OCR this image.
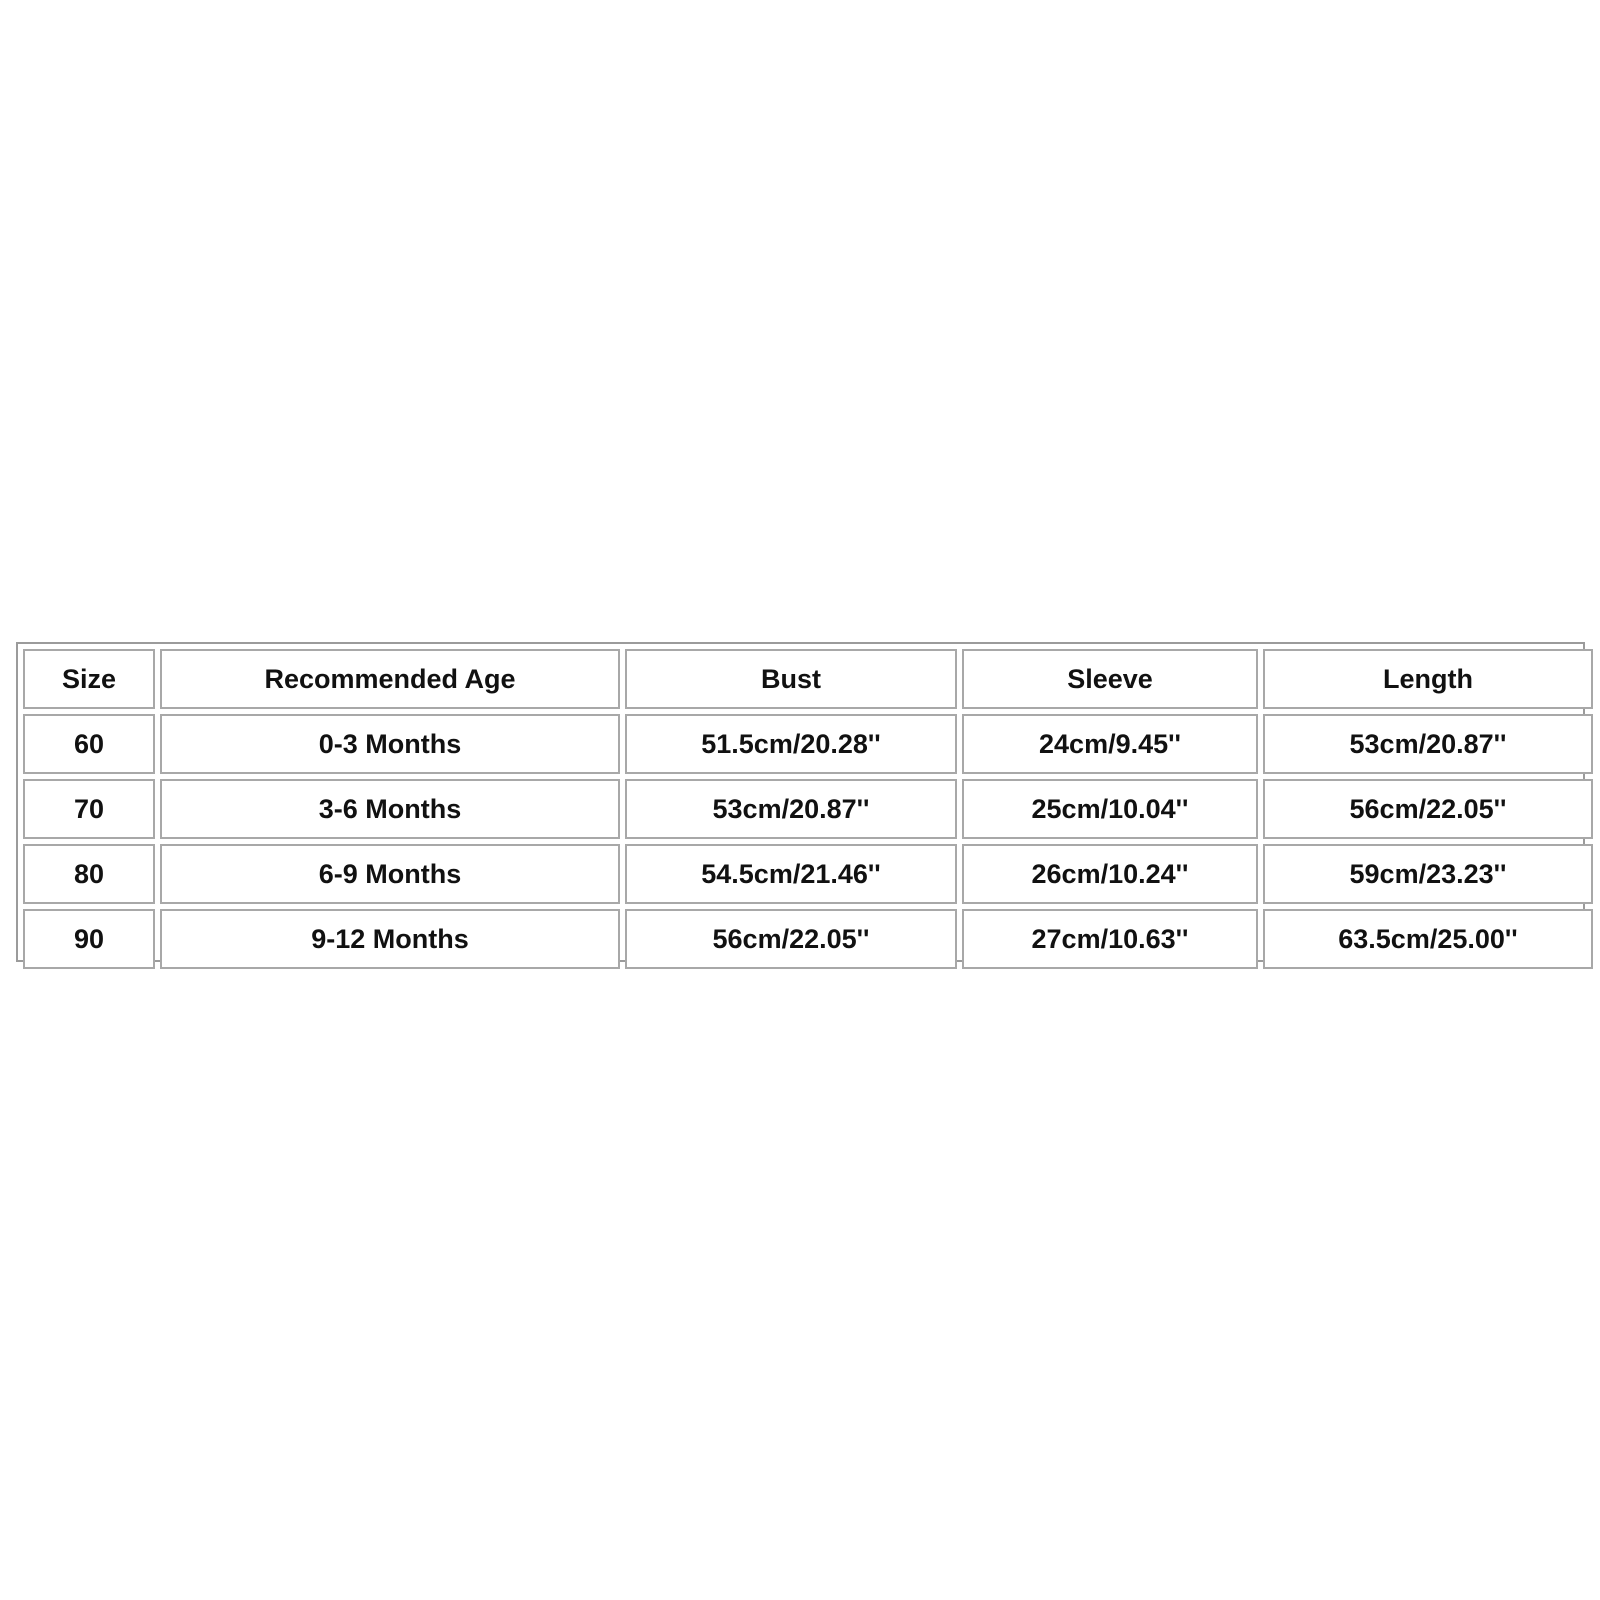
Size	Recommended Age	Bust	Sleeve	Length
60	0-3 Months	51.5cm/20.28''	24cm/9.45''	53cm/20.87''
70	3-6 Months	53cm/20.87''	25cm/10.04''	56cm/22.05''
80	6-9 Months	54.5cm/21.46''	26cm/10.24''	59cm/23.23''
90	9-12 Months	56cm/22.05''	27cm/10.63''	63.5cm/25.00''
